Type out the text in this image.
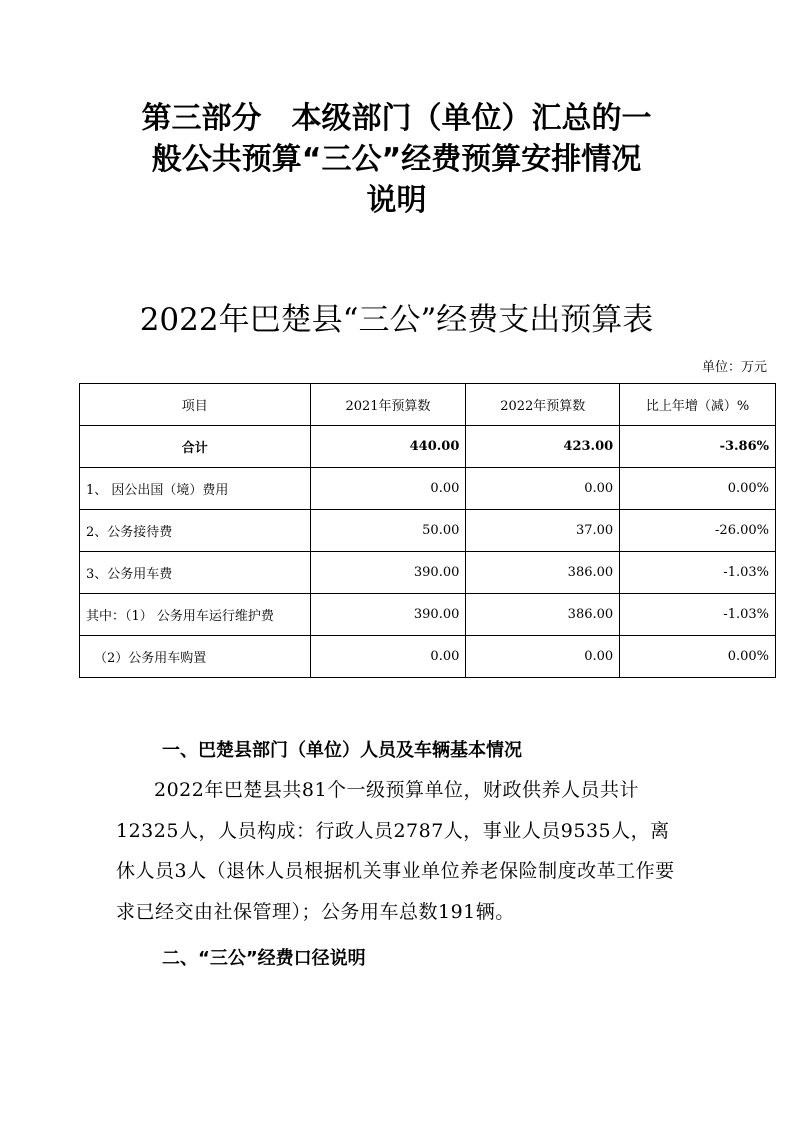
第三部分　本级部门（单位）汇总的一
般公共预算“三公”经费预算安排情况
说明
2022年巴楚县“三公”经费支出预算表
单位：万元
项目	2021年预算数	2022年预算数	比上年增（减）%
合计	440.00	423.00	-3.86%
1、 因公出国（境）费用	0.00	0.00	0.00%
2、公务接待费	50.00	37.00	-26.00%
3、公务用车费	390.00	386.00	-1.03%
其中：（1） 公务用车运行维护费	390.00	386.00	-1.03%
（2）公务用车购置	0.00	0.00	0.00%
一、巴楚县部门（单位）人员及车辆基本情况

2022年巴楚县共81个一级预算单位，财政供养人员共计12325人，人员构成：行政人员2787人，事业人员9535人，离休人员3人（退休人员根据机关事业单位养老保险制度改革工作要求已经交由社保管理）；公务用车总数191辆。

二、“三公”经费口径说明
